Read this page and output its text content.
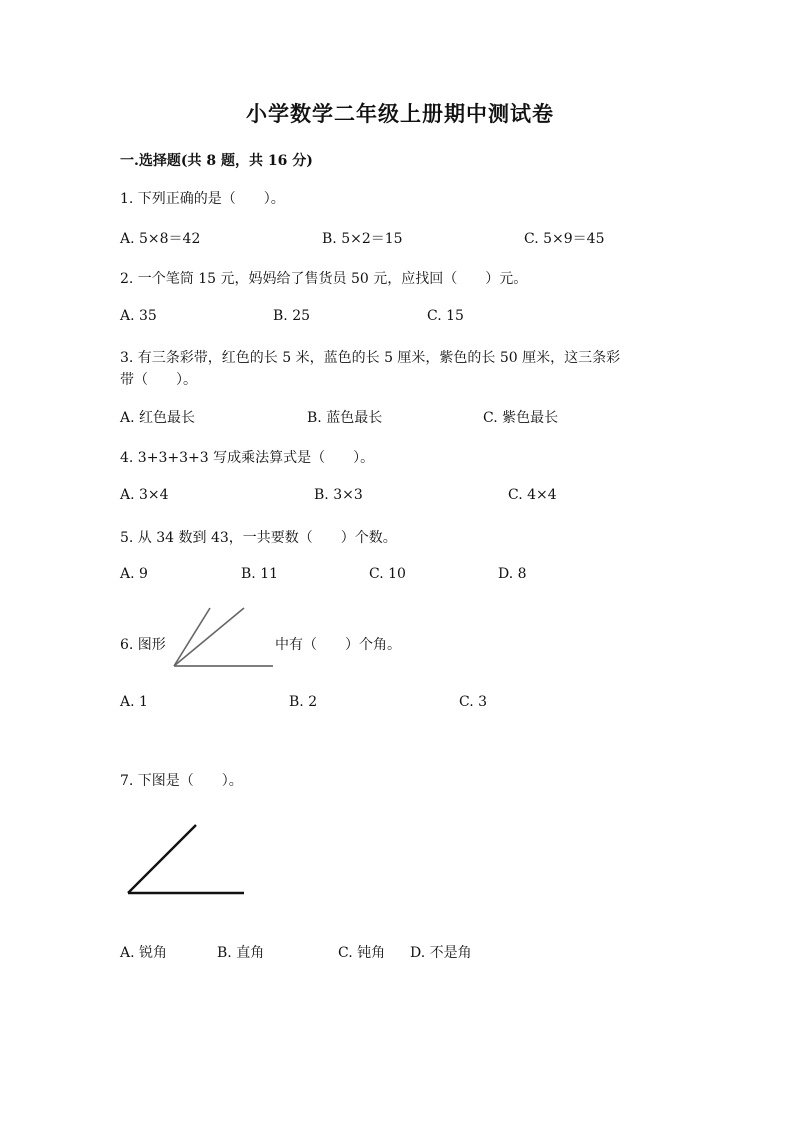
小学数学二年级上册期中测试卷
一.选择题(共 8 题，共 16 分)
1. 下列正确的是（　　）。
A. 5×8＝42	B. 5×2＝15	C. 5×9＝45
2. 一个笔筒 15 元，妈妈给了售货员 50 元，应找回（　　）元。
A. 35	B. 25	C. 15
3. 有三条彩带，红色的长 5 米，蓝色的长 5 厘米，紫色的长 50 厘米，这三条彩
带（　　）。
A. 红色最长	B. 蓝色最长	C. 紫色最长
4. 3+3+3+3 写成乘法算式是（　　）。
A. 3×4	B. 3×3	C. 4×4
5. 从 34 数到 43，一共要数（　　）个数。
A. 9	B. 11	C. 10	D. 8
6. 图形	中有（　　）个角。
A. 1	B. 2	C. 3
7. 下图是（　　）。
A. 锐角	B. 直角	C. 钝角 D. 不是角
